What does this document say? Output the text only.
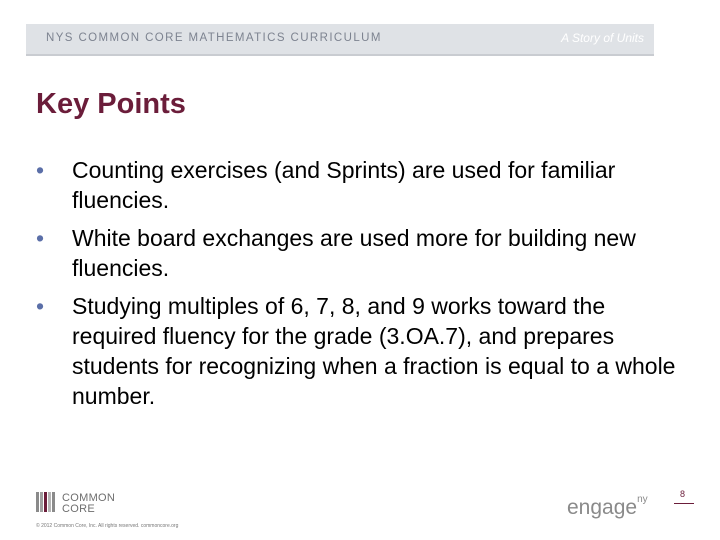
NYS COMMON CORE MATHEMATICS CURRICULUM	A Story of Units
Key Points
• Counting exercises (and Sprints) are used for familiar fluencies.
• White board exchanges are used more for building new fluencies.
• Studying multiples of 6, 7, 8, and 9 works toward the required fluency for the grade (3.OA.7), and prepares students for recognizing when a fraction is equal to a whole number.
COMMON
CORE
© 2012 Common Core, Inc. All rights reserved. commoncore.org
engage$^{ny}$	8
